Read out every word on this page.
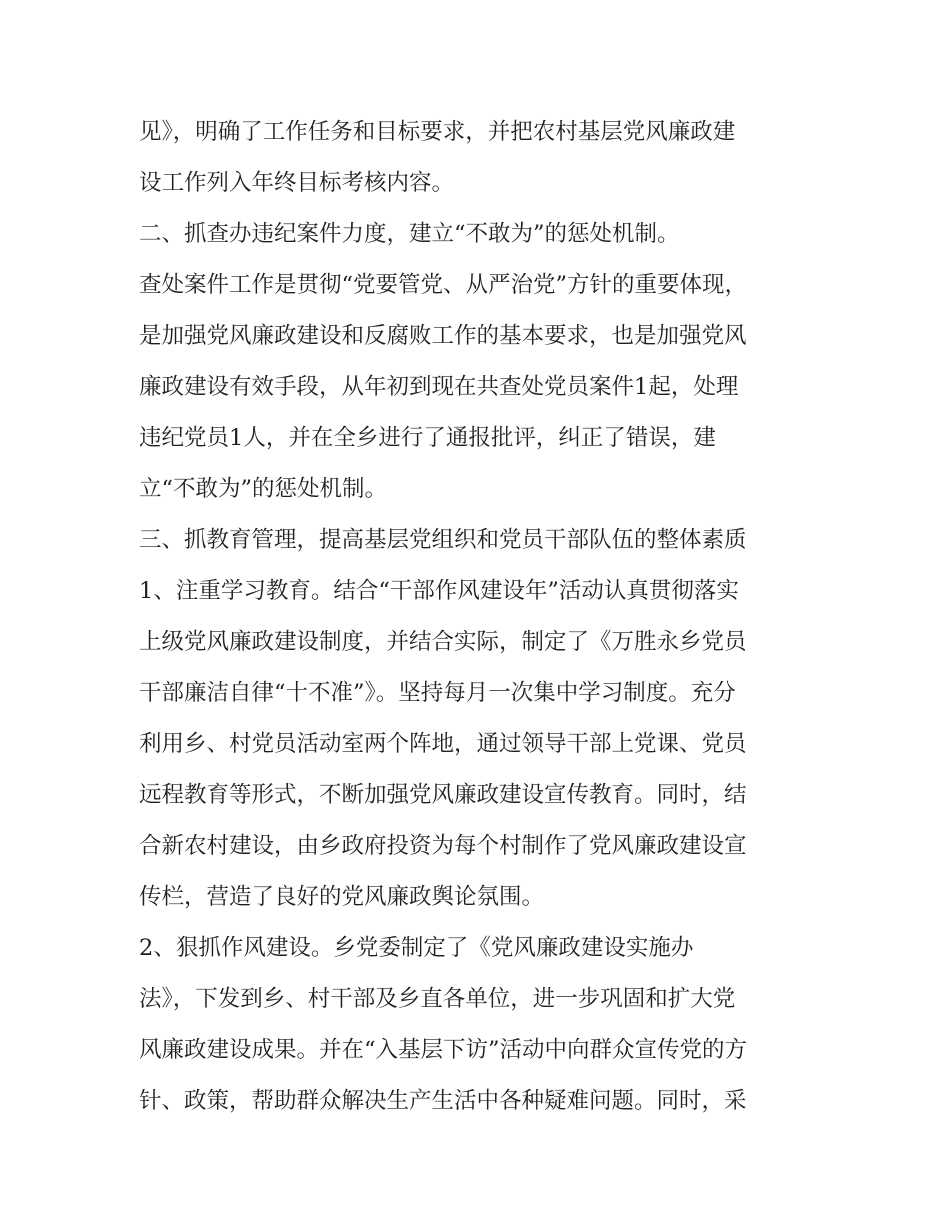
见》，明确了工作任务和目标要求，并把农村基层党风廉政建
设工作列入年终目标考核内容。
二、抓查办违纪案件力度，建立“不敢为”的惩处机制。
查处案件工作是贯彻“党要管党、从严治党”方针的重要体现，
是加强党风廉政建设和反腐败工作的基本要求，也是加强党风
廉政建设有效手段，从年初到现在共查处党员案件1起，处理
违纪党员1人，并在全乡进行了通报批评，纠正了错误，建
立“不敢为”的惩处机制。
三、抓教育管理，提高基层党组织和党员干部队伍的整体素质
1、注重学习教育。结合“干部作风建设年”活动认真贯彻落实
上级党风廉政建设制度，并结合实际，制定了《万胜永乡党员
干部廉洁自律“十不准”》。坚持每月一次集中学习制度。充分
利用乡、村党员活动室两个阵地，通过领导干部上党课、党员
远程教育等形式，不断加强党风廉政建设宣传教育。同时，结
合新农村建设，由乡政府投资为每个村制作了党风廉政建设宣
传栏，营造了良好的党风廉政舆论氛围。
2、狠抓作风建设。乡党委制定了《党风廉政建设实施办
法》，下发到乡、村干部及乡直各单位，进一步巩固和扩大党
风廉政建设成果。并在“入基层下访”活动中向群众宣传党的方
针、政策，帮助群众解决生产生活中各种疑难问题。同时，采
